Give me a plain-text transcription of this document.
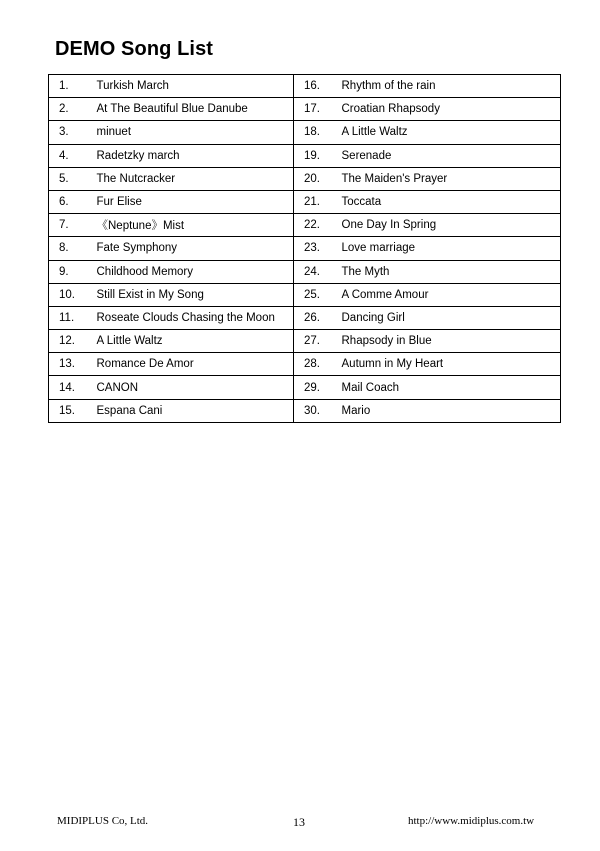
DEMO Song List
1.	Turkish March	16.	Rhythm of the rain
2.	At The Beautiful Blue Danube	17.	Croatian Rhapsody
3.	minuet	18.	A Little Waltz
4.	Radetzky march	19.	Serenade
5.	The Nutcracker	20.	The Maiden's Prayer
6.	Fur Elise	21.	Toccata
7.	《Neptune》Mist	22.	One Day In Spring
8.	Fate Symphony	23.	Love marriage
9.	Childhood Memory	24.	The Myth
10.	Still Exist in My Song	25.	A Comme Amour
11.	Roseate Clouds Chasing the Moon	26.	Dancing Girl
12.	A Little Waltz	27.	Rhapsody in Blue
13.	Romance De Amor	28.	Autumn in My Heart
14.	CANON	29.	Mail Coach
15.	Espana Cani	30.	Mario
MIDIPLUS Co, Ltd.	13	http://www.midiplus.com.tw
